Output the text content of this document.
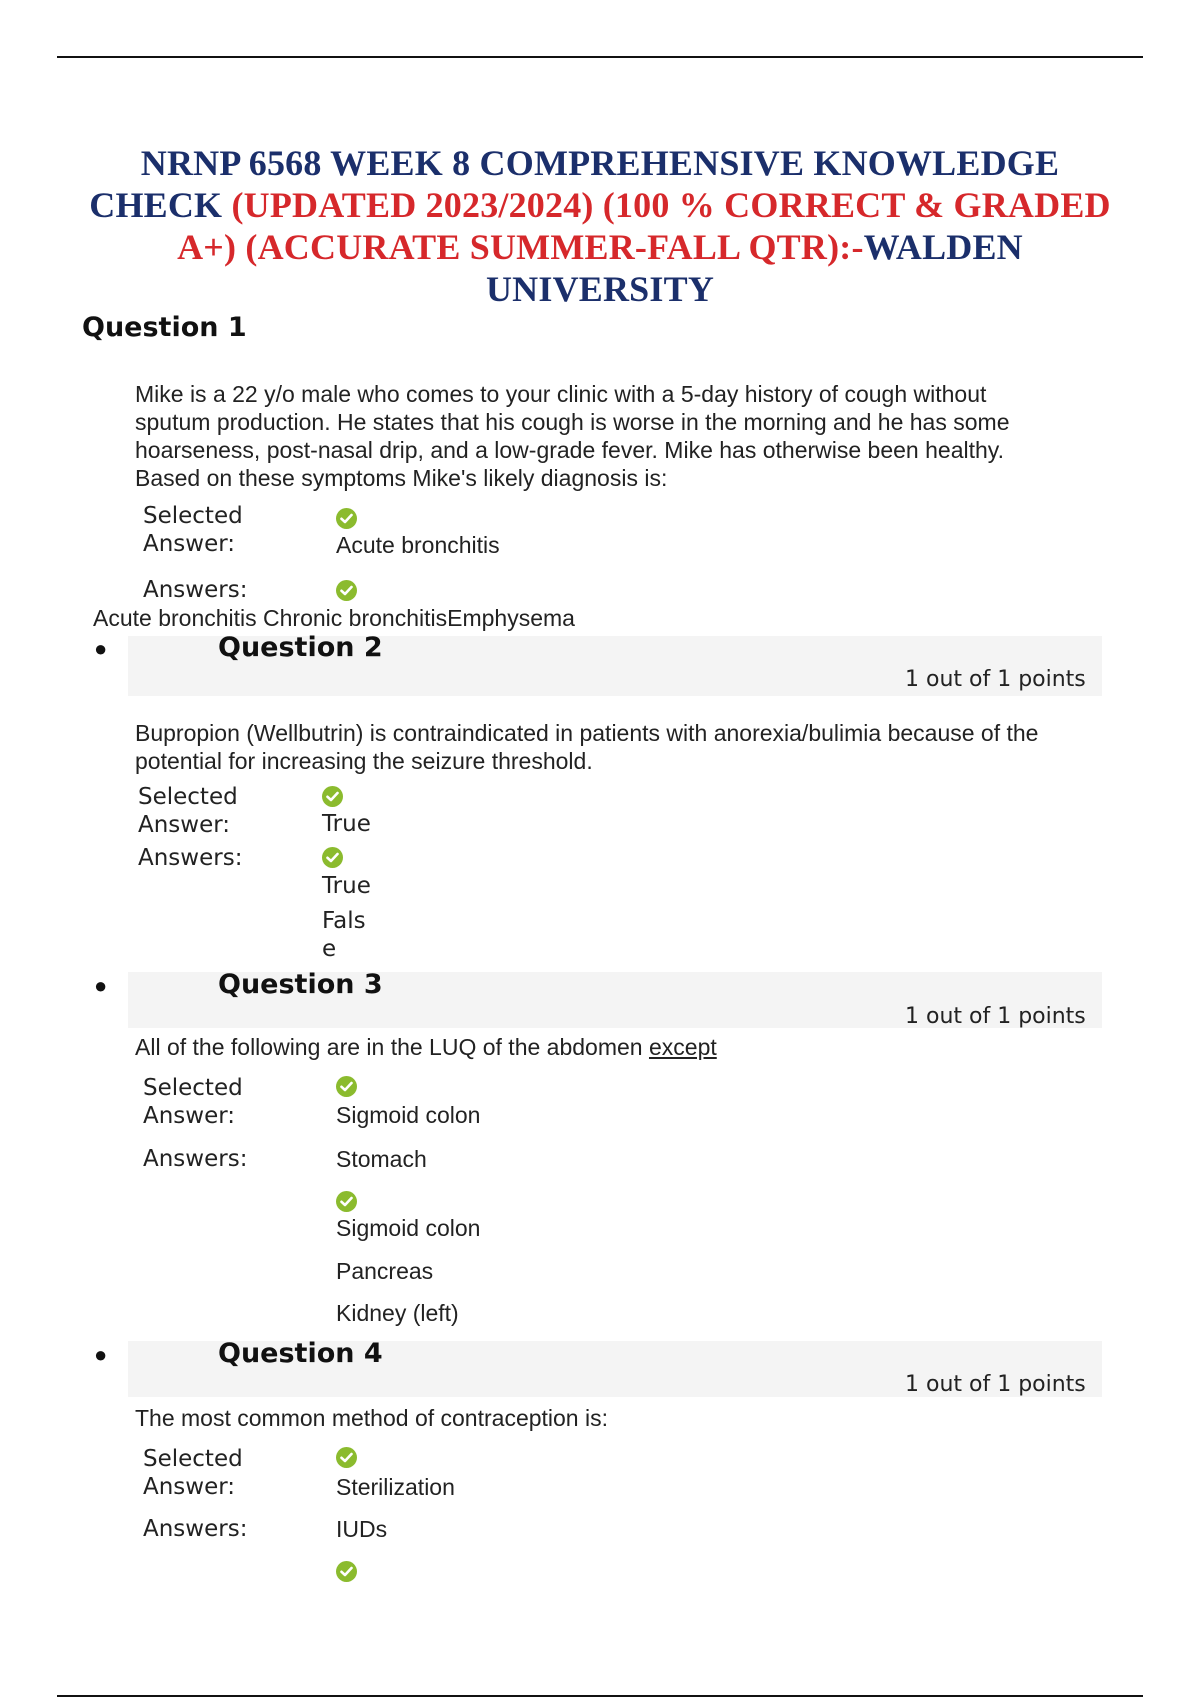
NRNP 6568 WEEK 8 COMPREHENSIVE KNOWLEDGE CHECK (UPDATED 2023/2024) (100 % CORRECT & GRADED A+) (ACCURATE SUMMER-FALL QTR):-WALDEN UNIVERSITY
Question 1

Mike is a 22 y/o male who comes to your clinic with a 5-day history of cough without sputum production. He states that his cough is worse in the morning and he has some hoarseness, post-nasal drip, and a low-grade fever. Mike has otherwise been healthy. Based on these symptoms Mike's likely diagnosis is:

Selected
Answer:	Acute bronchitis
Answers:
Acute bronchitis Chronic bronchitisEmphysema
●	Question 2
1 out of 1 points

Bupropion (Wellbutrin) is contraindicated in patients with anorexia/bulimia because of the potential for increasing the seizure threshold.

Selected
Answer:	True
Answers:
True
Fals
e
●	Question 3
1 out of 1 points

All of the following are in the LUQ of the abdomen except

Selected
Answer:	Sigmoid colon
Answers:	Stomach
Sigmoid colon
Pancreas
Kidney (left)
●	Question 4
1 out of 1 points

The most common method of contraception is:

Selected
Answer:	Sterilization
Answers:	IUDs
